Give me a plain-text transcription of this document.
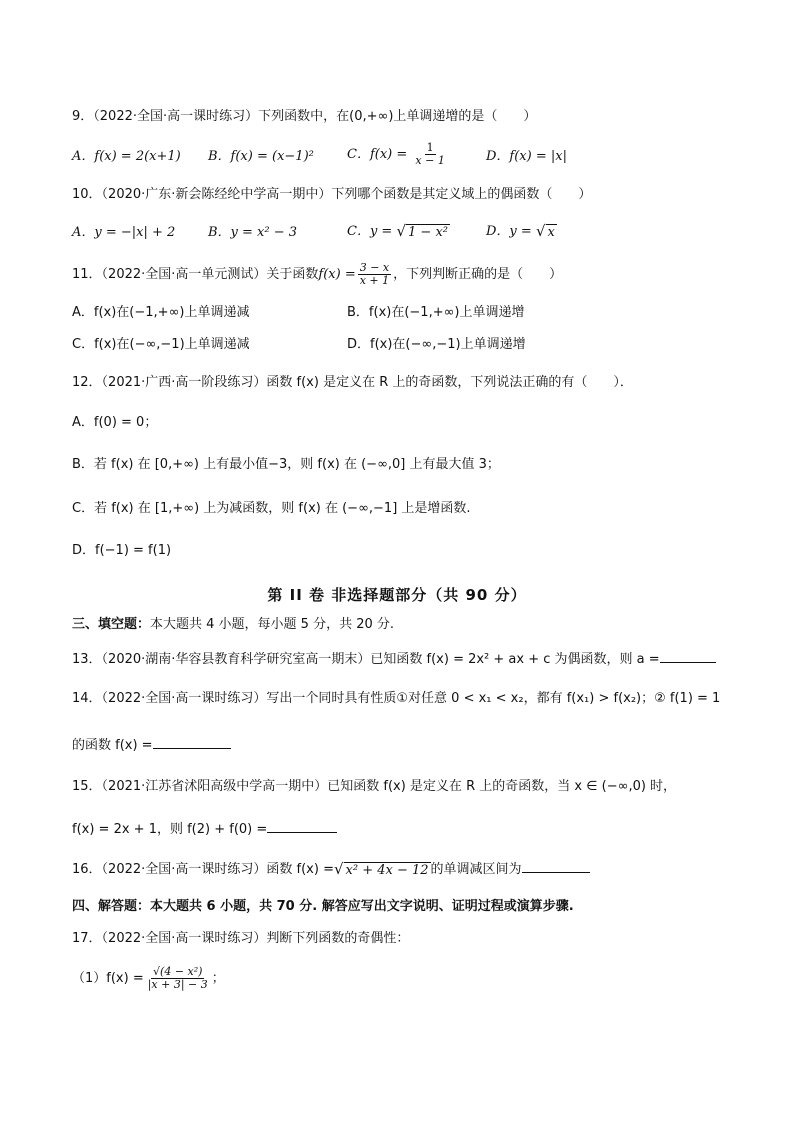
9．（2022·全国·高一课时练习）下列函数中，在(0,+∞)上单调递增的是（　　）
A．f(x) = 2(x+1) B．f(x) = (x−1)²	C．$f(x) = \frac{1}{x - 1}$	D．f(x) = |x|
10．（2020·广东·新会陈经纶中学高一期中）下列哪个函数是其定义域上的偶函数（　　）
A．y = −|x| + 2	B．y = x² − 3	C．y = √ 1 − x²	D．y = √ x
11．（2022·全国·高一单元测试）关于函数$f(x) = \frac{3 - x}{x + 1}$ ，下列判断正确的是（　　）
A．f(x)在(−1,+∞)上单调递减	B．f(x)在(−1,+∞)上单调递增
C．f(x)在(−∞,−1)上单调递减	D．f(x)在(−∞,−1)上单调递增
12．（2021·广西·高一阶段练习）函数 f(x) 是定义在 R 上的奇函数，下列说法正确的有（　　）．
A．f(0) = 0；
B．若 f(x) 在 [0,+∞) 上有最小值−3，则 f(x) 在 (−∞,0] 上有最大值 3；
C．若 f(x) 在 [1,+∞) 上为减函数，则 f(x) 在 (−∞,−1] 上是增函数.
D．f(−1) = f(1)
第 II 卷 非选择题部分（共 90 分）
三、填空题：本大题共 4 小题，每小题 5 分，共 20 分.
13．（2020·湖南·华容县教育科学研究室高一期末）已知函数 f(x) = 2x² + ax + c 为偶函数，则 a =
14．（2022·全国·高一课时练习）写出一个同时具有性质①对任意 0 < x₁ < x₂，都有 f(x₁) > f(x₂)；② f(1) = 1
的函数 f(x) =
15．（2021·江苏省沭阳高级中学高一期中）已知函数 f(x) 是定义在 R 上的奇函数，当 x ∈ (−∞,0) 时，
f(x) = 2x + 1，则 f(2) + f(0) =
16．（2022·全国·高一课时练习）函数 f(x) = √ x² + 4x − 12 的单调减区间为
四、解答题：本大题共 6 小题，共 70 分. 解答应写出文字说明、证明过程或演算步骤.
17．（2022·全国·高一课时练习）判断下列函数的奇偶性：
$(1)f(x) = \frac{\text{√(4 − x²)}}{|x + 3| - 3}$ ；
